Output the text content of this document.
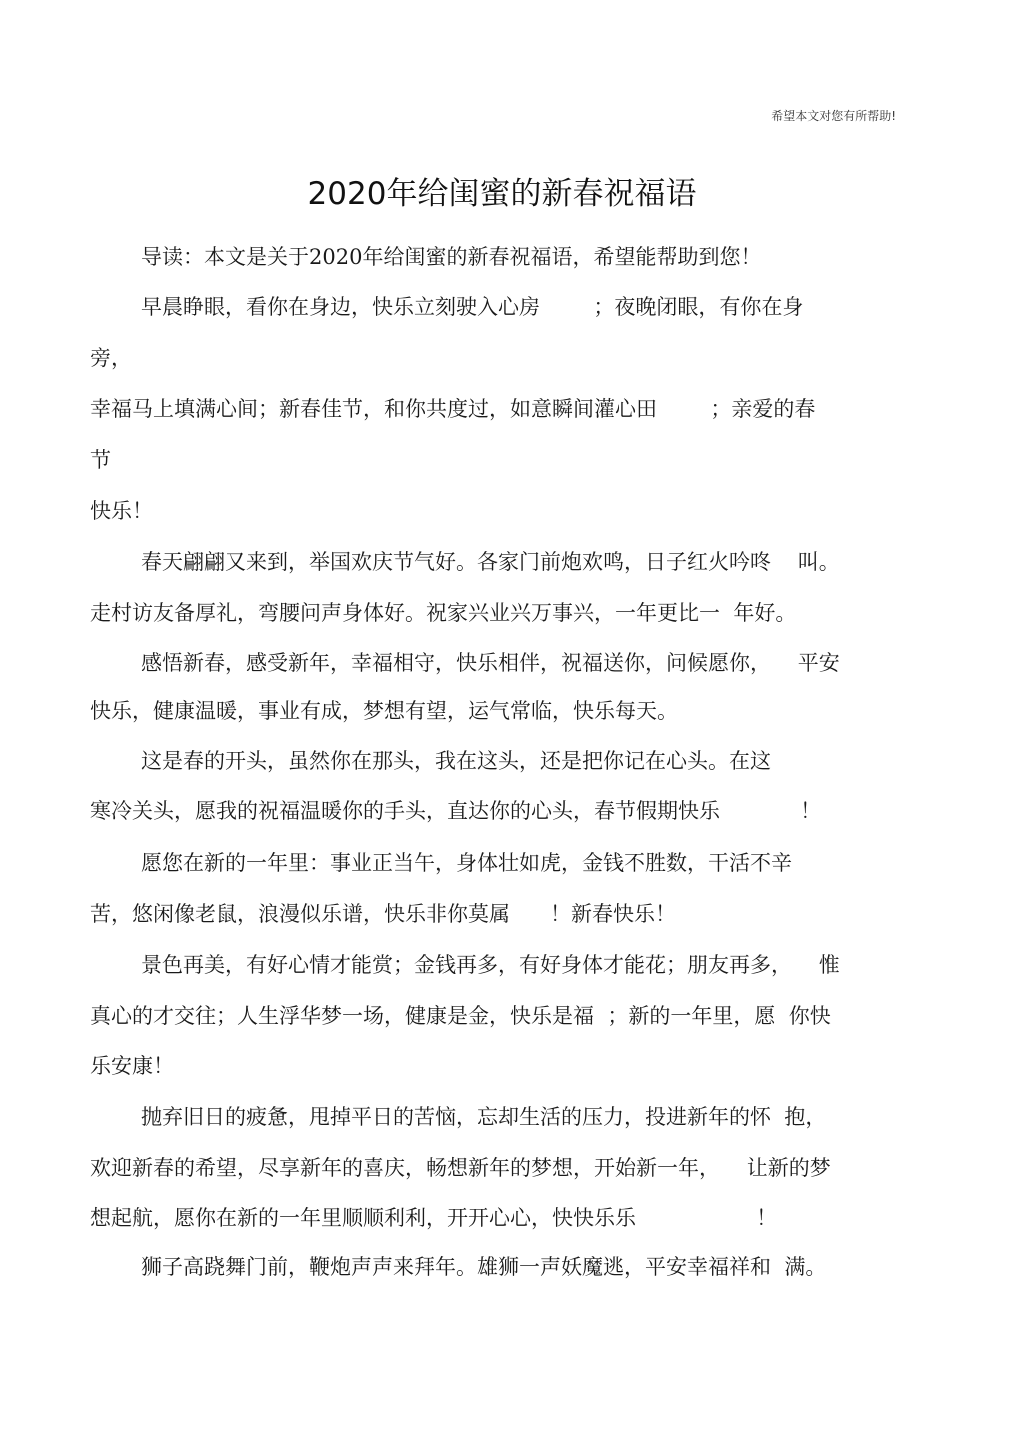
希望本文对您有所帮助!
2020年给闺蜜的新春祝福语
导读：本文是关于2020年给闺蜜的新春祝福语，希望能帮助到您！
早晨睁眼，看你在身边，快乐立刻驶入心房        ；夜晚闭眼，有你在身
旁，
幸福马上填满心间；新春佳节，和你共度过，如意瞬间灌心田        ；亲爱的春
节
快乐！
春天翩翩又来到，举国欢庆节气好。各家门前炮欢鸣，日子红火吟咚    叫。
走村访友备厚礼，弯腰问声身体好。祝家兴业兴万事兴，一年更比一  年好。
感悟新春，感受新年，幸福相守，快乐相伴，祝福送你，问候愿你，    平安
快乐，健康温暖，事业有成，梦想有望，运气常临，快乐每天。
这是春的开头，虽然你在那头，我在这头，还是把你记在心头。在这
寒冷关头，愿我的祝福温暖你的手头，直达你的心头，春节假期快乐            ！
愿您在新的一年里：事业正当午，身体壮如虎，金钱不胜数，干活不辛
苦，悠闲像老鼠，浪漫似乐谱，快乐非你莫属      ！新春快乐！
景色再美，有好心情才能赏；金钱再多，有好身体才能花；朋友再多，    惟
真心的才交往；人生浮华梦一场，健康是金，快乐是福  ；新的一年里，愿  你快
乐安康！
抛弃旧日的疲惫，甩掉平日的苦恼，忘却生活的压力，投进新年的怀  抱，
欢迎新春的希望，尽享新年的喜庆，畅想新年的梦想，开始新一年，    让新的梦
想起航，愿你在新的一年里顺顺利利，开开心心，快快乐乐                  ！
狮子高跷舞门前，鞭炮声声来拜年。雄狮一声妖魔逃，平安幸福祥和  满。
